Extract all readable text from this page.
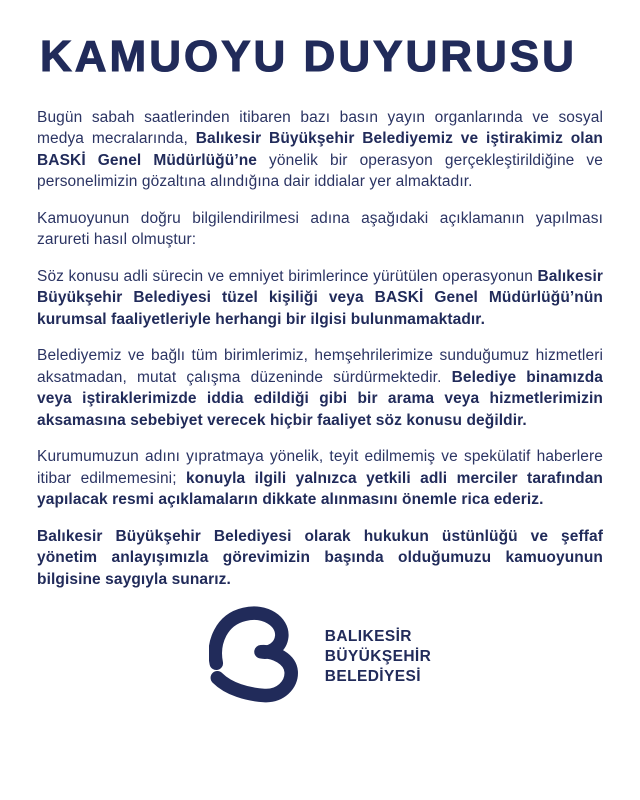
KAMUOYU DUYURUSU

Bugün sabah saatlerinden itibaren bazı basın yayın organlarında ve sosyal medya mecralarında, Balıkesir Büyükşehir Belediyemiz ve iştirakimiz olan BASKİ Genel Müdürlüğü’ne yönelik bir operasyon gerçekleştirildiğine ve personelimizin gözaltına alındığına dair iddialar yer almaktadır.

Kamuoyunun doğru bilgilendirilmesi adına aşağıdaki açıklamanın yapılması zarureti hasıl olmuştur:

Söz konusu adli sürecin ve emniyet birimlerince yürütülen operasyonun Balıkesir Büyükşehir Belediyesi tüzel kişiliği veya BASKİ Genel Müdürlüğü’nün kurumsal faaliyetleriyle herhangi bir ilgisi bulunmamaktadır.

Belediyemiz ve bağlı tüm birimlerimiz, hemşehrilerimize sunduğumuz hizmetleri aksatmadan, mutat çalışma düzeninde sürdürmektedir. Belediye binamızda veya iştiraklerimizde iddia edildiği gibi bir arama veya hizmetlerimizin aksamasına sebebiyet verecek hiçbir faaliyet söz konusu değildir.

Kurumumuzun adını yıpratmaya yönelik, teyit edilmemiş ve spekülatif haberlere itibar edilmemesini; konuyla ilgili yalnızca yetkili adli merciler tarafından yapılacak resmi açıklamaların dikkate alınmasını önemle rica ederiz.

Balıkesir Büyükşehir Belediyesi olarak hukukun üstünlüğü ve şeffaf yönetim anlayışımızla görevimizin başında olduğumuzu kamuoyunun bilgisine saygıyla sunarız.

BALIKESİR
BÜYÜKŞEHİR
BELEDİYESİ
